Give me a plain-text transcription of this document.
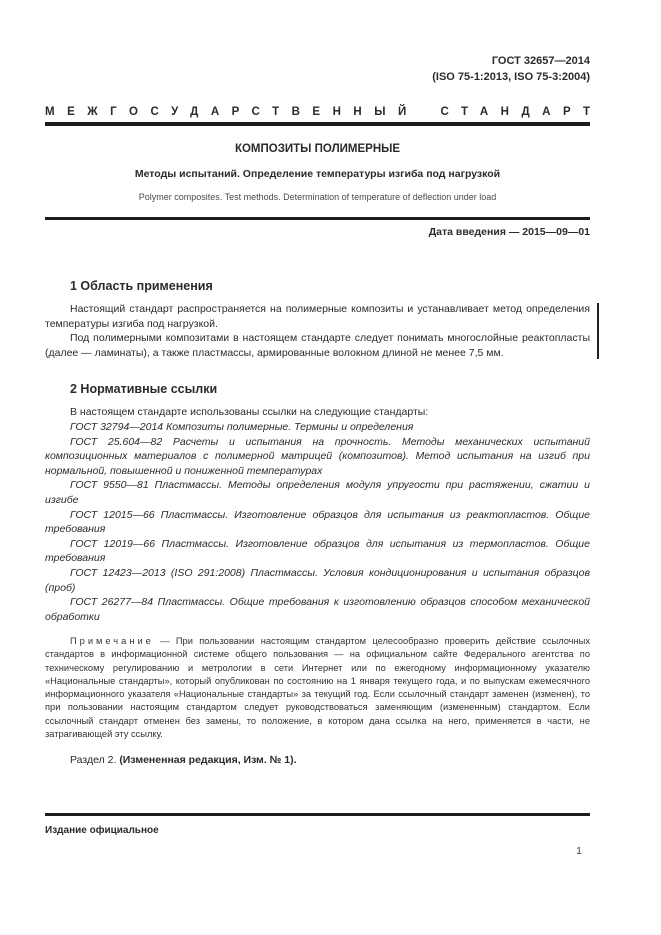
ГОСТ 32657—2014
(ISO 75-1:2013, ISO 75-3:2004)
МЕЖГОСУДАРСТВЕННЫЙ СТАНДАРТ
КОМПОЗИТЫ ПОЛИМЕРНЫЕ
Методы испытаний. Определение температуры изгиба под нагрузкой
Polymer composites. Test methods. Determination of temperature of deflection under load
Дата введения — 2015—09—01
1 Область применения

Настоящий стандарт распространяется на полимерные композиты и устанавливает метод определения температуры изгиба под нагрузкой.

Под полимерными композитами в настоящем стандарте следует понимать многослойные реактопласты (далее — ламинаты), а также пластмассы, армированные волокном длиной не менее 7,5 мм.

2 Нормативные ссылки

В настоящем стандарте использованы ссылки на следующие стандарты:

ГОСТ 32794—2014 Композиты полимерные. Термины и определения

ГОСТ 25.604—82 Расчеты и испытания на прочность. Методы механических испытаний композиционных материалов с полимерной матрицей (композитов). Метод испытания на изгиб при нормальной, повышенной и пониженной температурах

ГОСТ 9550—81 Пластмассы. Методы определения модуля упругости при растяжении, сжатии и изгибе

ГОСТ 12015—66 Пластмассы. Изготовление образцов для испытания из реактопластов. Общие требования

ГОСТ 12019—66 Пластмассы. Изготовление образцов для испытания из термопластов. Общие требования

ГОСТ 12423—2013 (ISO 291:2008) Пластмассы. Условия кондиционирования и испытания образцов (проб)

ГОСТ 26277—84 Пластмассы. Общие требования к изготовлению образцов способом механической обработки

Примечание — При пользовании настоящим стандартом целесообразно проверить действие ссылочных стандартов в информационной системе общего пользования — на официальном сайте Федерального агентства по техническому регулированию и метрологии в сети Интернет или по ежегодному информационному указателю «Национальные стандарты», который опубликован по состоянию на 1 января текущего года, и по выпускам ежемесячного информационного указателя «Национальные стандарты» за текущий год. Если ссылочный стандарт заменен (изменен), то при пользовании настоящим стандартом следует руководствоваться заменяющим (измененным) стандартом. Если ссылочный стандарт отменен без замены, то положение, в котором дана ссылка на него, применяется в части, не затрагивающей эту ссылку.

Раздел 2. (Измененная редакция, Изм. № 1).
Издание официальное
1
